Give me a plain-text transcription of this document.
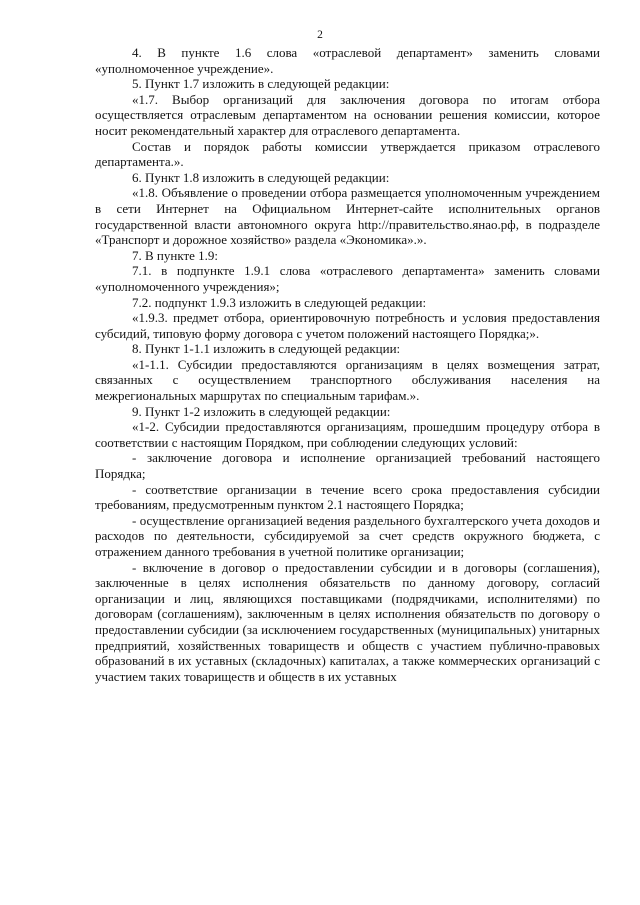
2

4. В пункте 1.6 слова «отраслевой департамент» заменить словами «уполномоченное учреждение».

5. Пункт 1.7 изложить в следующей редакции:

«1.7. Выбор организаций для заключения договора по итогам отбора осуществляется отраслевым департаментом на основании решения комиссии, которое носит рекомендательный характер для отраслевого департамента.

Состав и порядок работы комиссии утверждается приказом отраслевого департамента.».

6. Пункт 1.8 изложить в следующей редакции:

«1.8. Объявление о проведении отбора размещается уполномоченным учреждением в сети Интернет на Официальном Интернет-сайте исполнительных органов государственной власти автономного округа http://правительство.янао.рф, в подразделе «Транспорт и дорожное хозяйство» раздела «Экономика».».

7. В пункте 1.9:

7.1. в подпункте 1.9.1 слова «отраслевого департамента» заменить словами «уполномоченного учреждения»;

7.2. подпункт 1.9.3 изложить в следующей редакции:

«1.9.3. предмет отбора, ориентировочную потребность и условия предоставления субсидий, типовую форму договора с учетом положений настоящего Порядка;».

8. Пункт 1-1.1 изложить в следующей редакции:

«1-1.1. Субсидии предоставляются организациям в целях возмещения затрат, связанных с осуществлением транспортного обслуживания населения на межрегиональных маршрутах по специальным тарифам.».

9. Пункт 1-2 изложить в следующей редакции:

«1-2. Субсидии предоставляются организациям, прошедшим процедуру отбора в соответствии с настоящим Порядком, при соблюдении следующих условий:

- заключение договора и исполнение организацией требований настоящего Порядка;

- соответствие организации в течение всего срока предоставления субсидии требованиям, предусмотренным пунктом 2.1 настоящего Порядка;

- осуществление организацией ведения раздельного бухгалтерского учета доходов и расходов по деятельности, субсидируемой за счет средств окружного бюджета, с отражением данного требования в учетной политике организации;

- включение в договор о предоставлении субсидии и в договоры (соглашения), заключенные в целях исполнения обязательств по данному договору, согласий организации и лиц, являющихся поставщиками (подрядчиками, исполнителями) по договорам (соглашениям), заключенным в целях исполнения обязательств по договору о предоставлении субсидии (за исключением государственных (муниципальных) унитарных предприятий, хозяйственных товариществ и обществ с участием публично-правовых образований в их уставных (складочных) капиталах, а также коммерческих организаций с участием таких товариществ и обществ в их уставных
